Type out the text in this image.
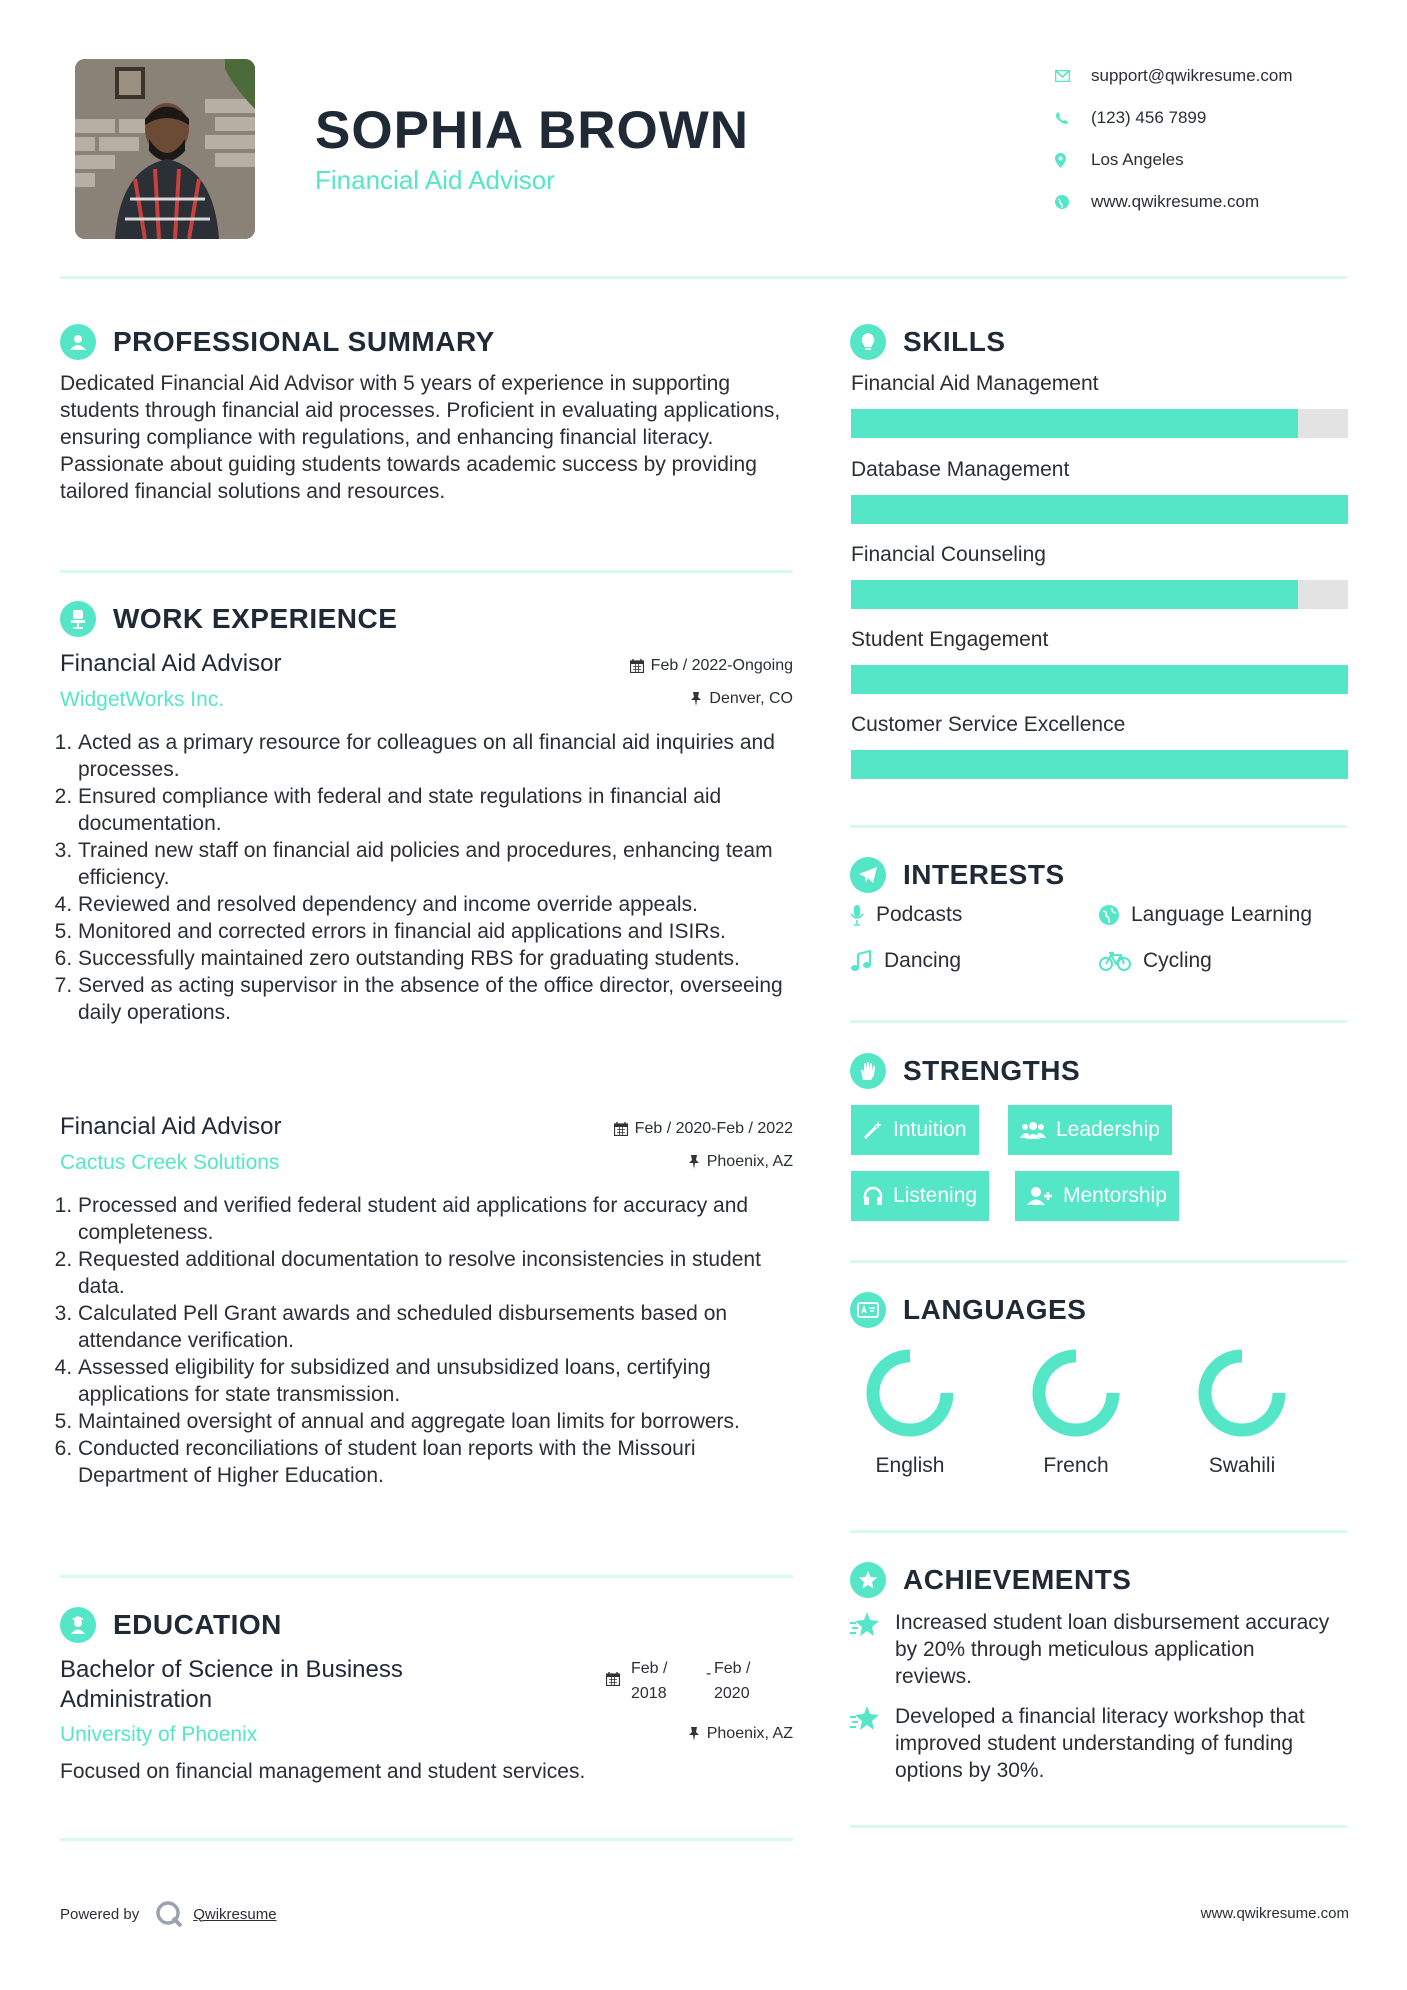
SOPHIA BROWN
Financial Aid Advisor
support@qwikresume.com
(123) 456 7899
Los Angeles
www.qwikresume.com
PROFESSIONAL SUMMARY
Dedicated Financial Aid Advisor with 5 years of experience in supporting students through financial aid processes. Proficient in evaluating applications, ensuring compliance with regulations, and enhancing financial literacy. Passionate about guiding students towards academic success by providing tailored financial solutions and resources.
WORK EXPERIENCE
Financial Aid Advisor
WidgetWorks Inc.
Feb / 2022-Ongoing
Denver, CO
1. Acted as a primary resource for colleagues on all financial aid inquiries and processes.
2. Ensured compliance with federal and state regulations in financial aid documentation.
3. Trained new staff on financial aid policies and procedures, enhancing team efficiency.
4. Reviewed and resolved dependency and income override appeals.
5. Monitored and corrected errors in financial aid applications and ISIRs.
6. Successfully maintained zero outstanding RBS for graduating students.
7. Served as acting supervisor in the absence of the office director, overseeing daily operations.
Financial Aid Advisor
Cactus Creek Solutions
Feb / 2020-Feb / 2022
Phoenix, AZ
1. Processed and verified federal student aid applications for accuracy and completeness.
2. Requested additional documentation to resolve inconsistencies in student data.
3. Calculated Pell Grant awards and scheduled disbursements based on attendance verification.
4. Assessed eligibility for subsidized and unsubsidized loans, certifying applications for state transmission.
5. Maintained oversight of annual and aggregate loan limits for borrowers.
6. Conducted reconciliations of student loan reports with the Missouri Department of Higher Education.
EDUCATION
Bachelor of Science in Business Administration
University of Phoenix
Feb / 2018
- Feb / 2020
Phoenix, AZ
Focused on financial management and student services.
SKILLS
Financial Aid Management
Database Management
Financial Counseling
Student Engagement
Customer Service Excellence
INTERESTS
Podcasts	Language Learning
Dancing	Cycling
STRENGTHS
Intuition	Leadership
Listening	Mentorship
LANGUAGES
English	French	Swahili
ACHIEVEMENTS
Increased student loan disbursement accuracy by 20% through meticulous application reviews.
Developed a financial literacy workshop that improved student understanding of funding options by 30%.
Powered by	Qwikresume	www.qwikresume.com
